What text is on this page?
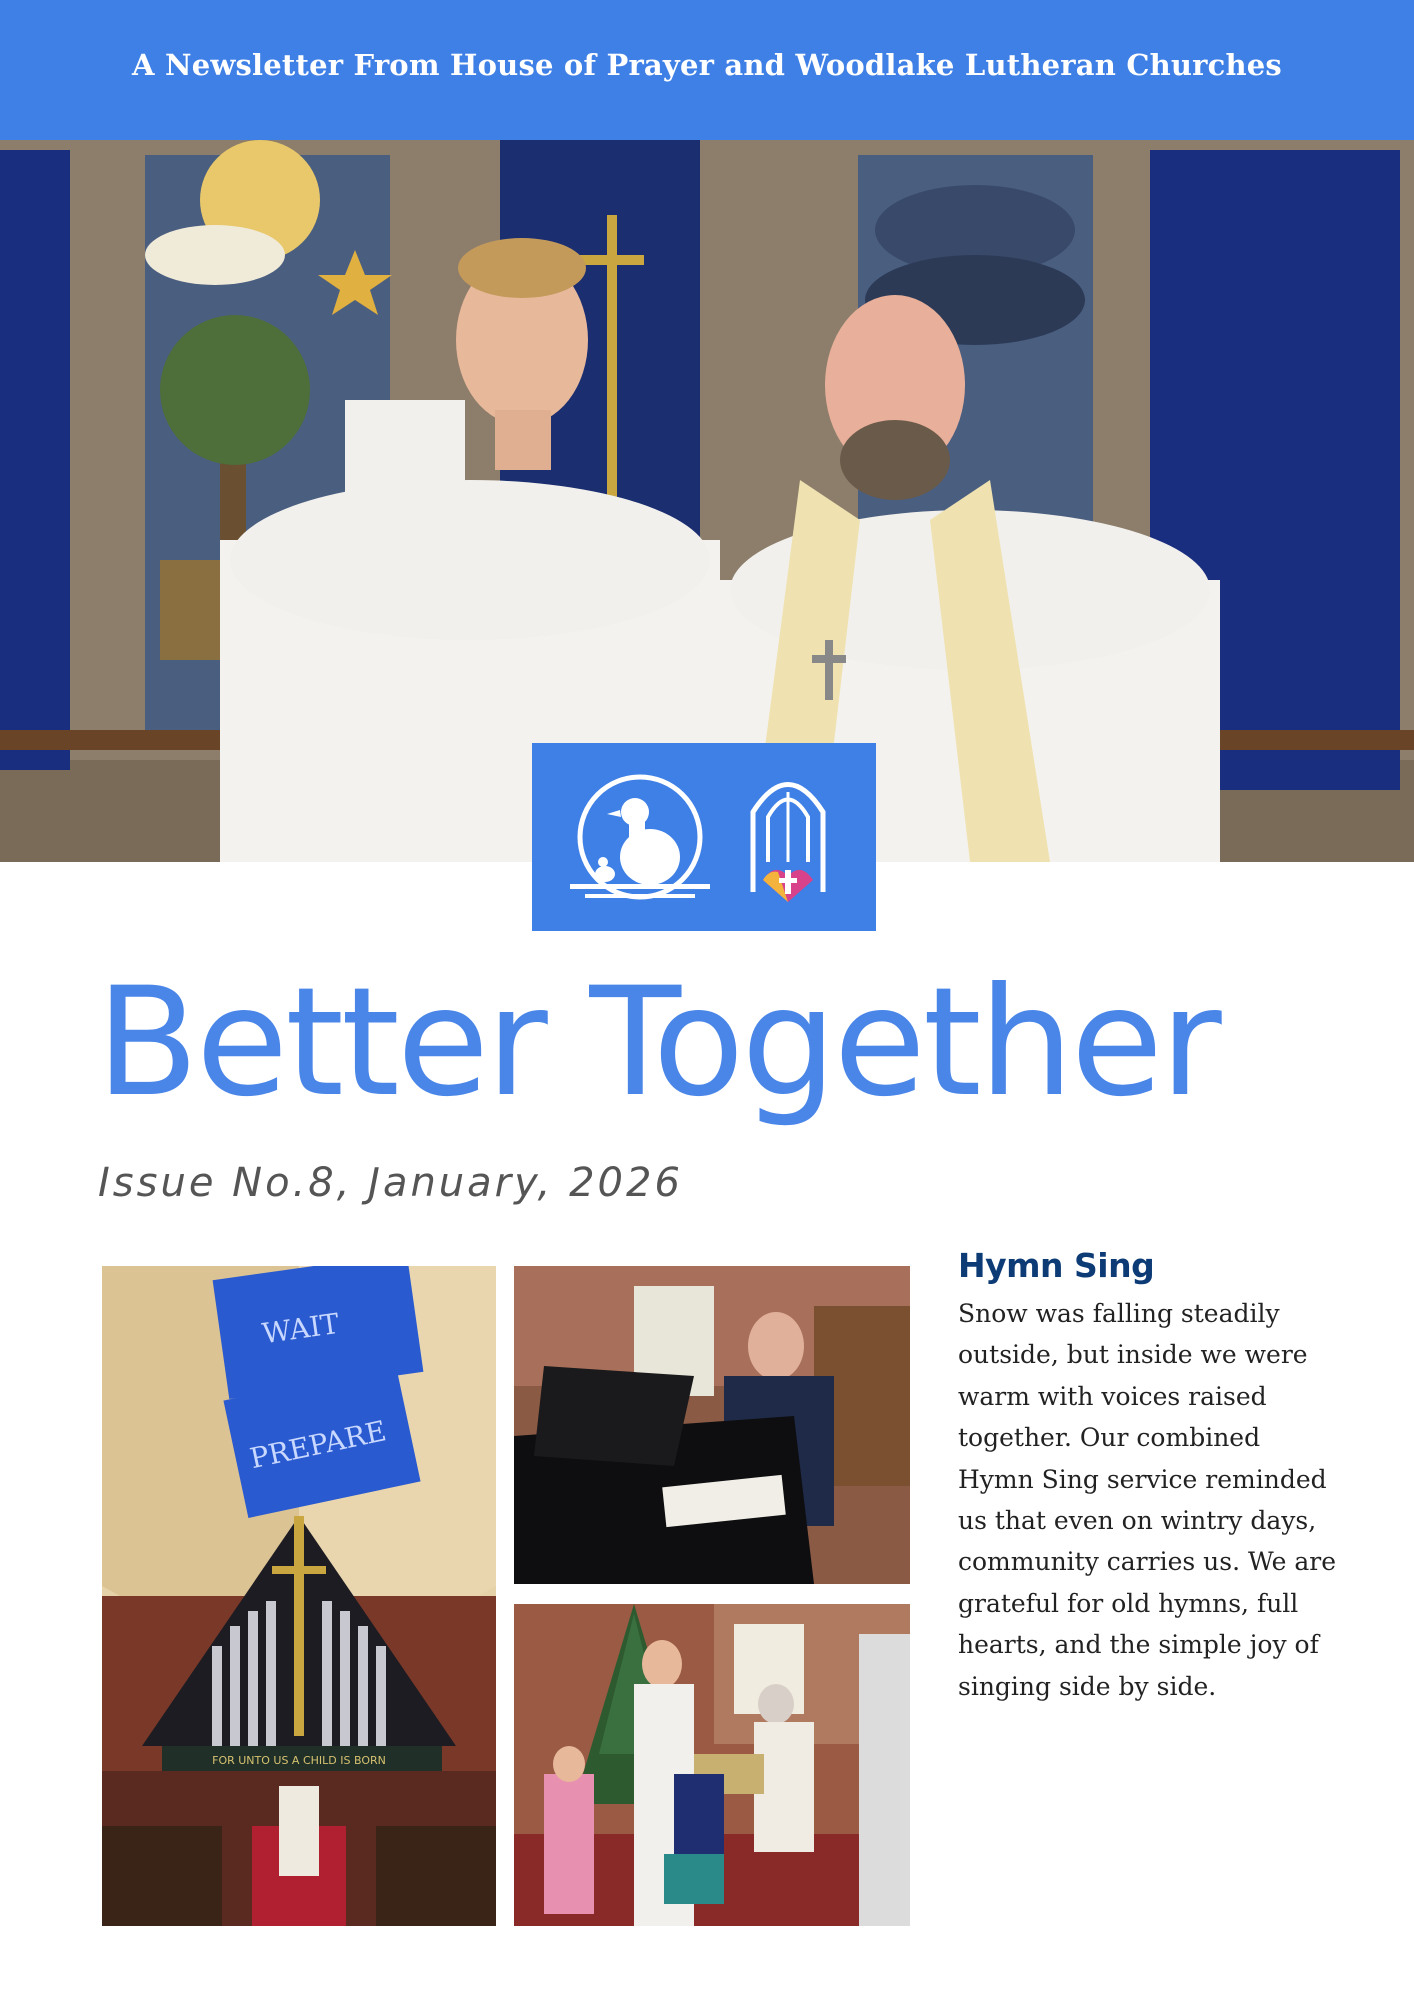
A Newsletter From House of Prayer and Woodlake Lutheran Churches
Better Together
Issue No.8, January, 2026
WAIT
PREPARE
FOR UNTO US A CHILD IS BORN
Hymn Sing

Snow was falling steadily outside, but inside we were warm with voices raised together. Our combined Hymn Sing service reminded us that even on wintry days, community carries us. We are grateful for old hymns, full hearts, and the simple joy of singing side by side.
